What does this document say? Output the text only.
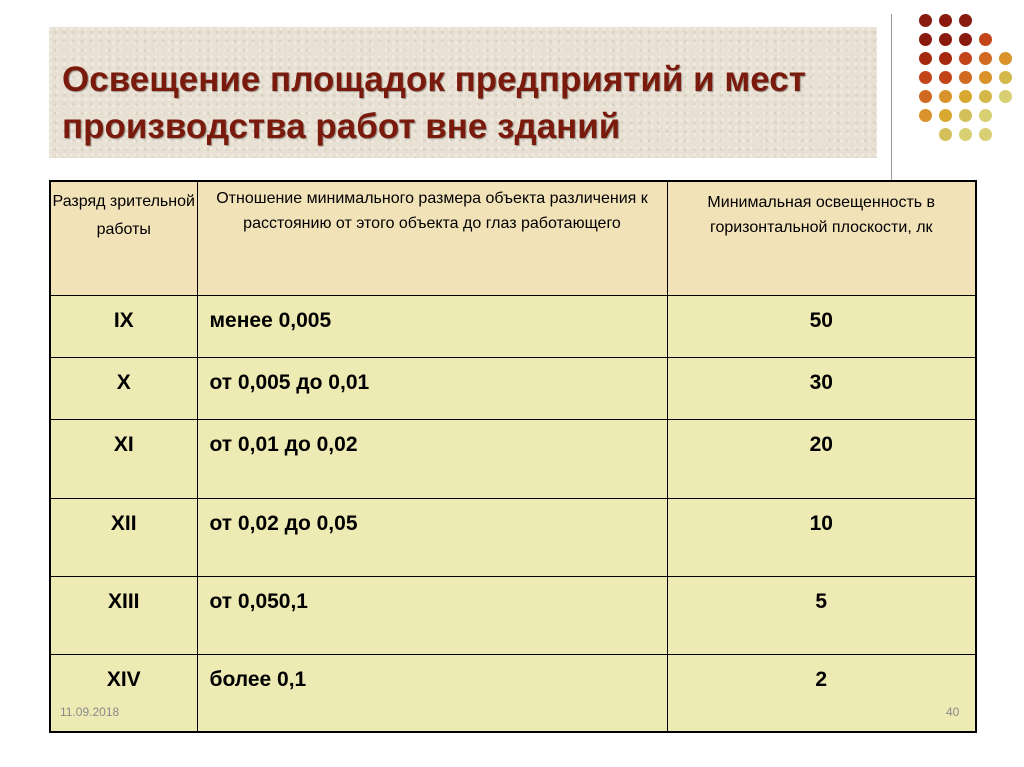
Освещение площадок предприятий и мест производства работ вне зданий
Разряд зрительной работы	Отношение минимального размера объекта различения к расстоянию от этого объекта до глаз работающего	Минимальная освещенность в горизонтальной плоскости, лк
IX	менее 0,005	50
X	от 0,005 до 0,01	30
XI	от 0,01 до 0,02	20
XII	от 0,02 до 0,05	10
XIII	от 0,050,1	5
XIV	более 0,1	2
11.09.2018	40
